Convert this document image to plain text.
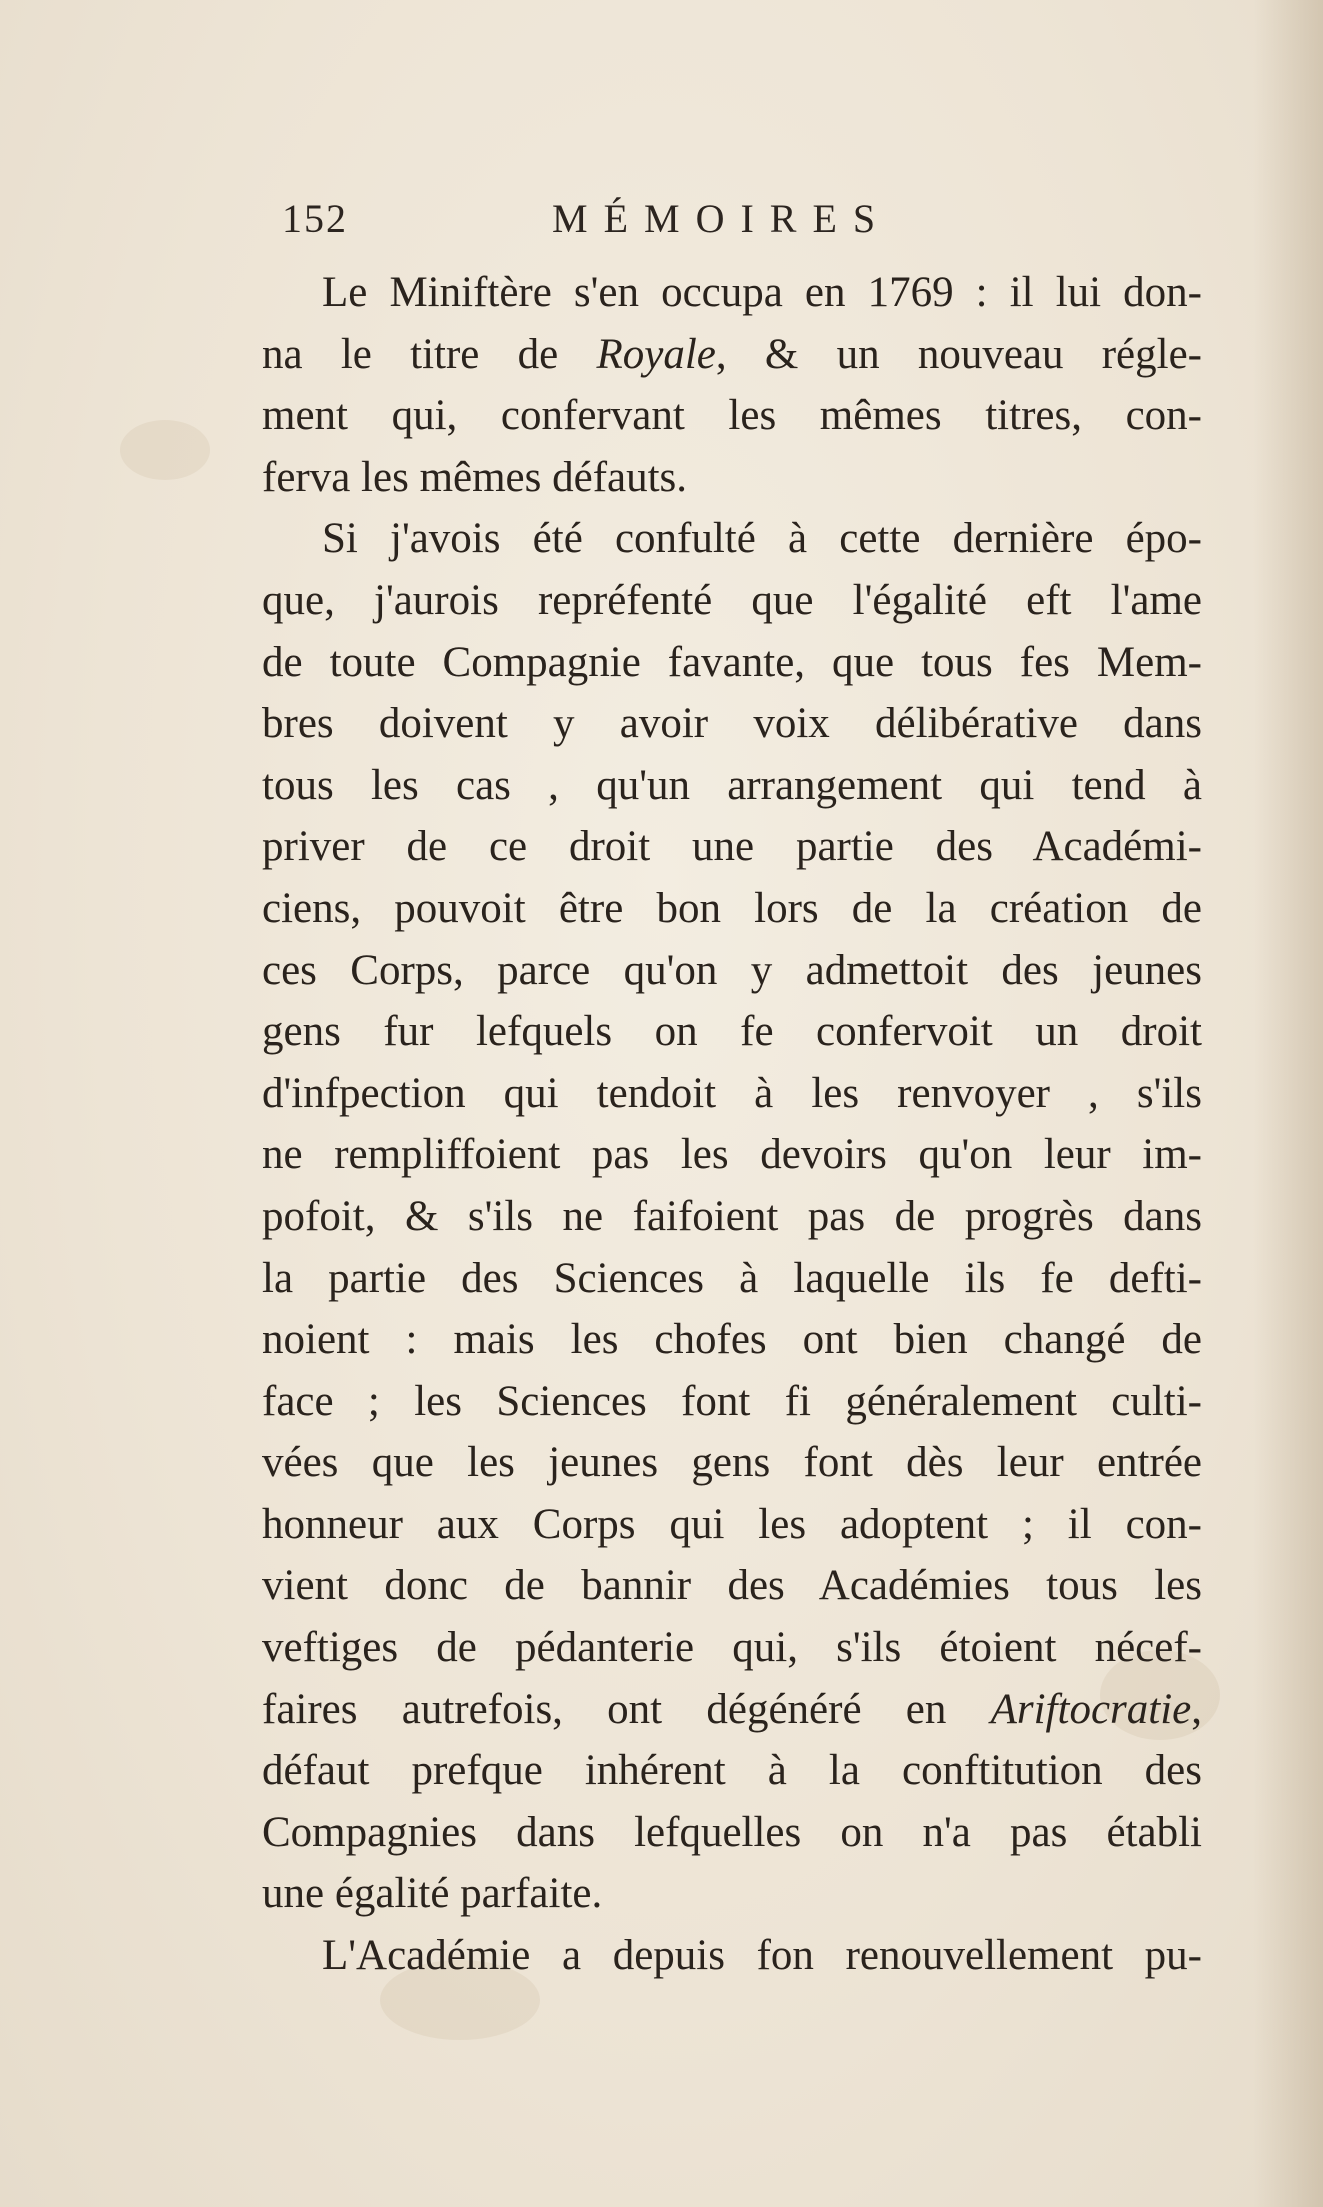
152	MÉMOIRES
Le Miniftère s'en occupa en 1769 : il lui don-
na le titre de Royale, & un nouveau régle-
ment qui, confervant les mêmes titres, con-
ferva les mêmes défauts.
Si j'avois été confulté à cette dernière épo-
que, j'aurois repréfenté que l'égalité eft l'ame
de toute Compagnie favante, que tous fes Mem-
bres doivent y avoir voix délibérative dans
tous les cas , qu'un arrangement qui tend à
priver de ce droit une partie des Académi-
ciens, pouvoit être bon lors de la création de
ces Corps, parce qu'on y admettoit des jeunes
gens fur lefquels on fe confervoit un droit
d'infpection qui tendoit à les renvoyer , s'ils
ne rempliffoient pas les devoirs qu'on leur im-
pofoit, & s'ils ne faifoient pas de progrès dans
la partie des Sciences à laquelle ils fe defti-
noient : mais les chofes ont bien changé de
face ; les Sciences font fi généralement culti-
vées que les jeunes gens font dès leur entrée
honneur aux Corps qui les adoptent ; il con-
vient donc de bannir des Académies tous les
veftiges de pédanterie qui, s'ils étoient nécef-
faires autrefois, ont dégénéré en Ariftocratie,
défaut prefque inhérent à la conftitution des
Compagnies dans lefquelles on n'a pas établi
une égalité parfaite.
L'Académie a depuis fon renouvellement pu-
